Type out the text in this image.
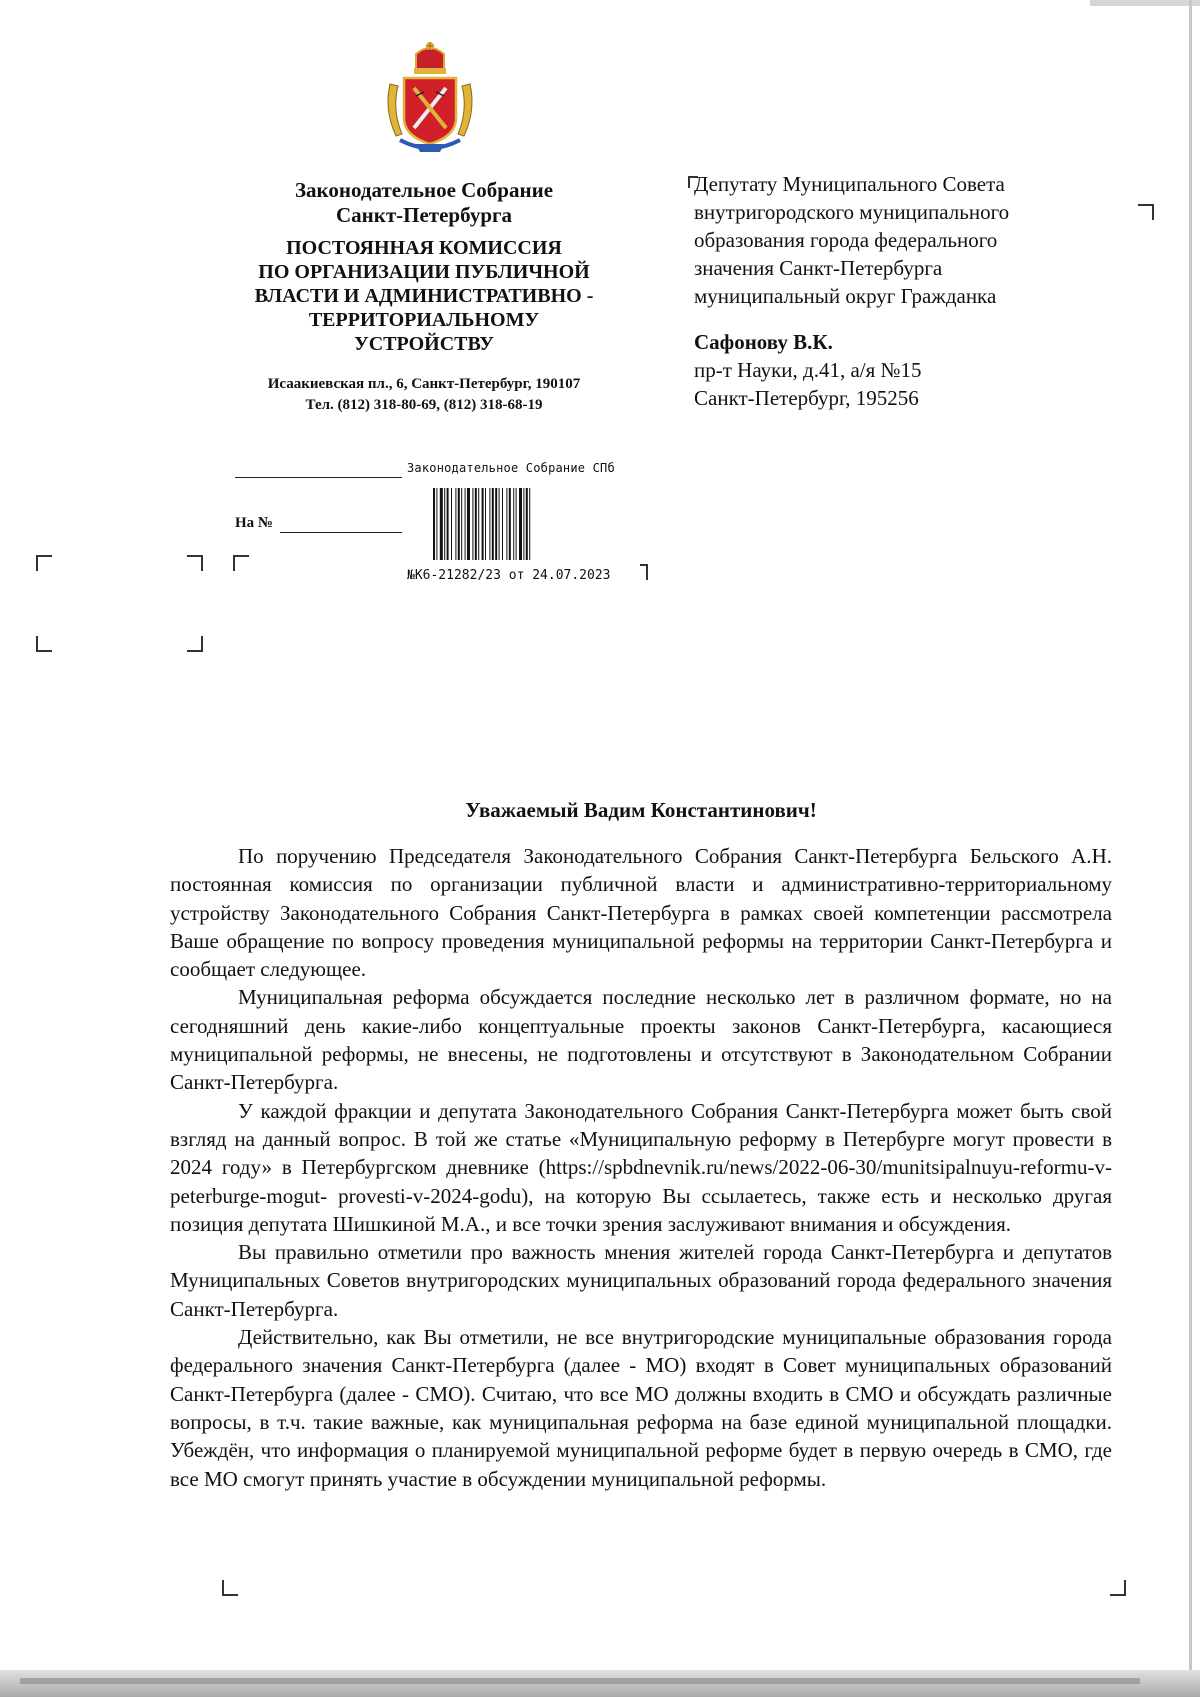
Законодательное Собрание
Санкт-Петербурга
ПОСТОЯННАЯ КОМИССИЯ
ПО ОРГАНИЗАЦИИ ПУБЛИЧНОЙ
ВЛАСТИ И АДМИНИСТРАТИВНО -
ТЕРРИТОРИАЛЬНОМУ
УСТРОЙСТВУ
Исаакиевская пл., 6, Санкт-Петербург, 190107
Тел. (812) 318-80-69, (812) 318-68-19
Депутату Муниципального Совета
внутригородского муниципального
образования города федерального
значения Санкт-Петербурга
муниципальный округ Гражданка
Сафонову В.К.
пр-т Науки, д.41, а/я №15
Санкт-Петербург, 195256
Законодательное Собрание СПб
На №
№К6-21282/23 от 24.07.2023
Уважаемый Вадим Константинович!

По поручению Председателя Законодательного Собрания Санкт-Петербурга Бельского А.Н. постоянная комиссия по организации публичной власти и административно-территориальному устройству Законодательного Собрания Санкт-Петербурга в рамках своей компетенции рассмотрела Ваше обращение по вопросу проведения муниципальной реформы на территории Санкт-Петербурга и сообщает следующее.

Муниципальная реформа обсуждается последние несколько лет в различном формате, но на сегодняшний день какие-либо концептуальные проекты законов Санкт-Петербурга, касающиеся муниципальной реформы, не внесены, не подготовлены и отсутствуют в Законодательном Собрании Санкт-Петербурга.

У каждой фракции и депутата Законодательного Собрания Санкт-Петербурга может быть свой взгляд на данный вопрос. В той же статье «Муниципальную реформу в Петербурге могут провести в 2024 году» в Петербургском дневнике (https://spbdnevnik.ru/news/2022-06-30/munitsipalnuyu-reformu-v-peterburge-mogut- provesti-v-2024-godu), на которую Вы ссылаетесь, также есть и несколько другая позиция депутата Шишкиной М.А., и все точки зрения заслуживают внимания и обсуждения.

Вы правильно отметили про важность мнения жителей города Санкт-Петербурга и депутатов Муниципальных Советов внутригородских муниципальных образований города федерального значения Санкт-Петербурга.

Действительно, как Вы отметили, не все внутригородские муниципальные образования города федерального значения Санкт-Петербурга (далее - МО) входят в Совет муниципальных образований Санкт-Петербурга (далее - СМО). Считаю, что все МО должны входить в СМО и обсуждать различные вопросы, в т.ч. такие важные, как муниципальная реформа на базе единой муниципальной площадки. Убеждён, что информация о планируемой муниципальной реформе будет в первую очередь в СМО, где все МО смогут принять участие в обсуждении муниципальной реформы.
